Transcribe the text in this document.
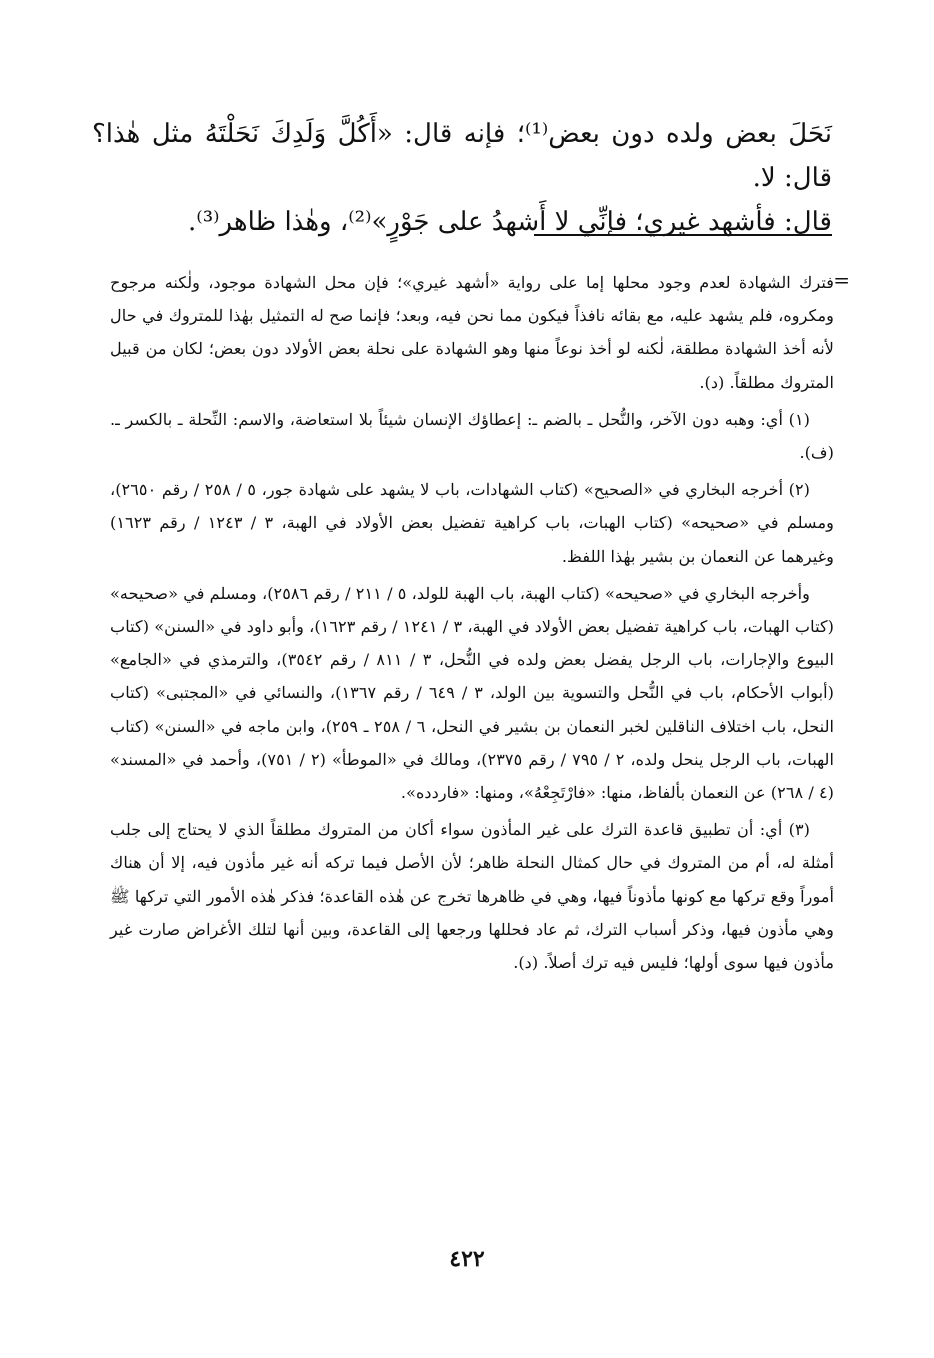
نَحَلَ بعض ولده دون بعض⁽¹⁾؛ فإنه قال: «أَكُلَّ وَلَدِكَ نَحَلْتَهُ مثل هٰذا؟ قال: لا.

قال: فأشهد غيري؛ فإنِّي لا أَشهدُ على جَوْرٍ»⁽²⁾، وهٰذا ظاهر⁽³⁾.

=

فترك الشهادة لعدم وجود محلها إما على رواية «أشهد غيري»؛ فإن محل الشهادة موجود، ولٰكنه مرجوح ومكروه، فلم يشهد عليه، مع بقائه نافذاً فيكون مما نحن فيه، وبعد؛ فإنما صح له التمثيل بهٰذا للمتروك في حال لأنه أخذ الشهادة مطلقة، لٰكنه لو أخذ نوعاً منها وهو الشهادة على نحلة بعض الأولاد دون بعض؛ لكان من قبيل المتروك مطلقاً. (د).

(١) أي: وهبه دون الآخر، والنُّحل ـ بالضم ـ: إعطاؤك الإنسان شيئاً بلا استعاضة، والاسم: النِّحلة ـ بالكسر ـ. (ف).

(٢) أخرجه البخاري في «الصحيح» (كتاب الشهادات، باب لا يشهد على شهادة جور، ٥ / ٢٥٨ / رقم ٢٦٥٠)، ومسلم في «صحيحه» (كتاب الهبات، باب كراهية تفضيل بعض الأولاد في الهبة، ٣ / ١٢٤٣ / رقم ١٦٢٣) وغيرهما عن النعمان بن بشير بهٰذا اللفظ.

وأخرجه البخاري في «صحيحه» (كتاب الهبة، باب الهبة للولد، ٥ / ٢١١ / رقم ٢٥٨٦)، ومسلم في «صحيحه» (كتاب الهبات، باب كراهية تفضيل بعض الأولاد في الهبة، ٣ / ١٢٤١ / رقم ١٦٢٣)، وأبو داود في «السنن» (كتاب البيوع والإجارات، باب الرجل يفضل بعض ولده في النُّحل، ٣ / ٨١١ / رقم ٣٥٤٢)، والترمذي في «الجامع» (أبواب الأحكام، باب في النُّحل والتسوية بين الولد، ٣ / ٦٤٩ / رقم ١٣٦٧)، والنسائي في «المجتبى» (كتاب النحل، باب اختلاف الناقلين لخبر النعمان بن بشير في النحل، ٦ / ٢٥٨ ـ ٢٥٩)، وابن ماجه في «السنن» (كتاب الهبات، باب الرجل ينحل ولده، ٢ / ٧٩٥ / رقم ٢٣٧٥)، ومالك في «الموطأ» (٢ / ٧٥١)، وأحمد في «المسند» (٤ / ٢٦٨) عن النعمان بألفاظ، منها: «فارْتَجِعْهُ»، ومنها: «فاردده».

(٣) أي: أن تطبيق قاعدة الترك على غير المأذون سواء أكان من المتروك مطلقاً الذي لا يحتاج إلى جلب أمثلة له، أم من المتروك في حال كمثال النحلة ظاهر؛ لأن الأصل فيما تركه أنه غير مأذون فيه، إلا أن هناك أموراً وقع تركها مع كونها مأذوناً فيها، وهي في ظاهرها تخرج عن هٰذه القاعدة؛ فذكر هٰذه الأمور التي تركها ﷺ وهي مأذون فيها، وذكر أسباب الترك، ثم عاد فحللها ورجعها إلى القاعدة، وبين أنها لتلك الأغراض صارت غير مأذون فيها سوى أولها؛ فليس فيه ترك أصلاً. (د).

٤٢٢
